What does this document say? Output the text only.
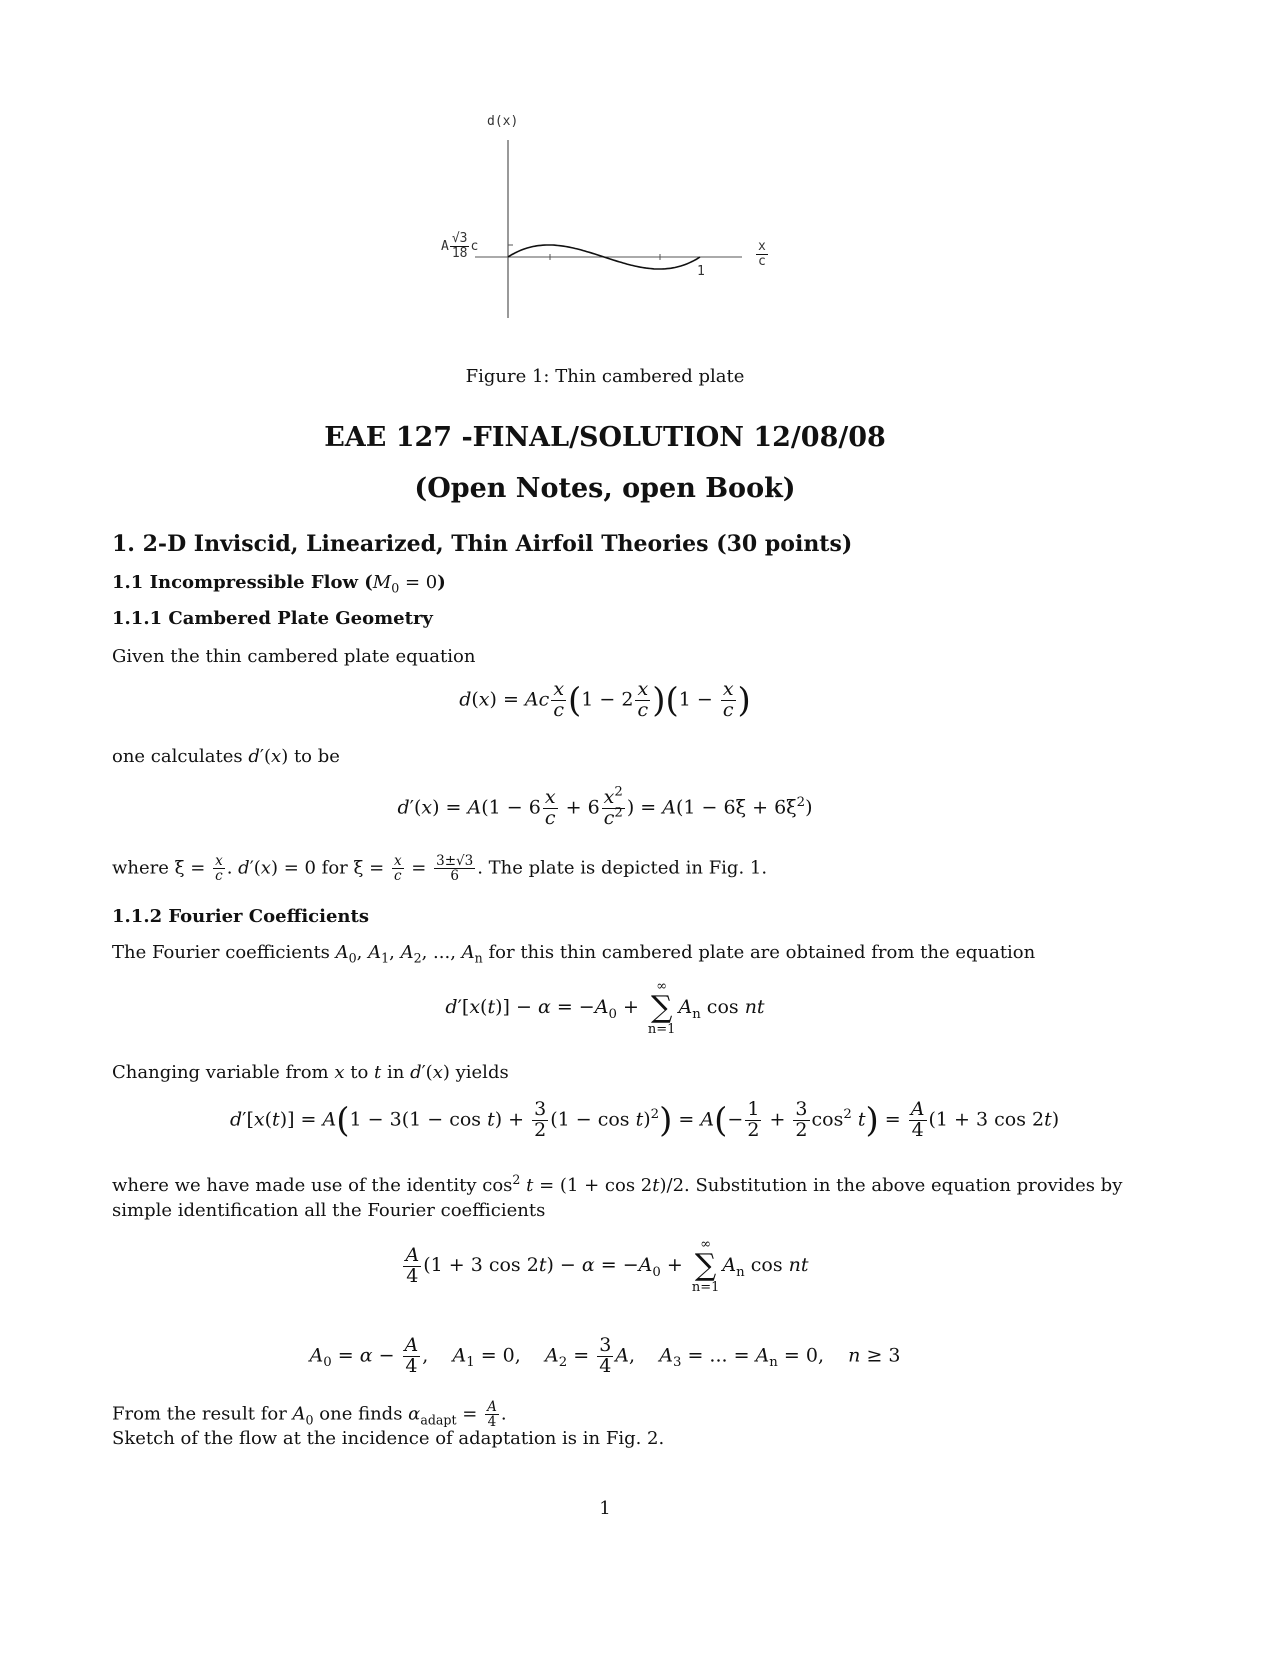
d(x)
A $\frac{√3}{18}$ c
1
$\frac{x}{c}$
Figure 1: Thin cambered plate
EAE 127 -FINAL/SOLUTION 12/08/08
(Open Notes, open Book)
1. 2-D Inviscid, Linearized, Thin Airfoil Theories (30 points)
1.1 Incompressible Flow $(M_0 = 0)$
1.1.1 Cambered Plate Geometry
Given the thin cambered plate equation
d(x) = Ac $\frac{x}{c} (1 - 2 \frac{x}{c} )(1 - \frac{x}{c}$ )
one calculates d′(x) to be
$d'(x) = A(1 - 6 \frac{x}{c} + 6 \frac{x^2}{c^2}$ ) = $A(1 - 6\xi + 6\xi^2)$
where $\xi = \frac{x}{c}$ . d′(x) = 0 for $\xi = \frac{x}{c} = \frac{3\pm√3}{6}$ . The plate is depicted in Fig. 1.
1.1.2 Fourier Coefficients
The Fourier coefficients $A_0$, $A_1$, $A_2$, ..., $A_n$ for this thin cambered plate are obtained from the equation
$d'[x(t)] - \alpha = -A_0$ +
∞
∑
n=1
$A_n$ cos nt
Changing variable from x to t in d′(x) yields
$d'[x(t)] = A(1 - 3(1 - \cos t) + \frac{3}{2} (1 - \cos t)^2) = A(- \frac{1}{2} + \frac{3}{2} \cos^2 t) = \frac{A}{4} (1 + 3$ cos 2t)
where we have made use of the identity $\cos^2 t = (1 + \cos 2t)/2$. Substitution in the above equation provides by
simple identification all the Fourier coefficients
$\frac{A}{4} (1 + 3$ $\cos 2t) - \alpha = -A_0$ +
∞
∑
n=1
$A_n$ cos nt
$A_0 = \alpha - \frac{A}{4}$ ,    $A_1 = 0$,    $A_2 = \frac{3}{4} A$,    $A_3$ = ... = $A_n = 0$,    n ≥ 3
From the result for $A_0$ one finds $\alpha_{adapt} = \frac{A}{4}$ .
Sketch of the flow at the incidence of adaptation is in Fig. 2.
1
